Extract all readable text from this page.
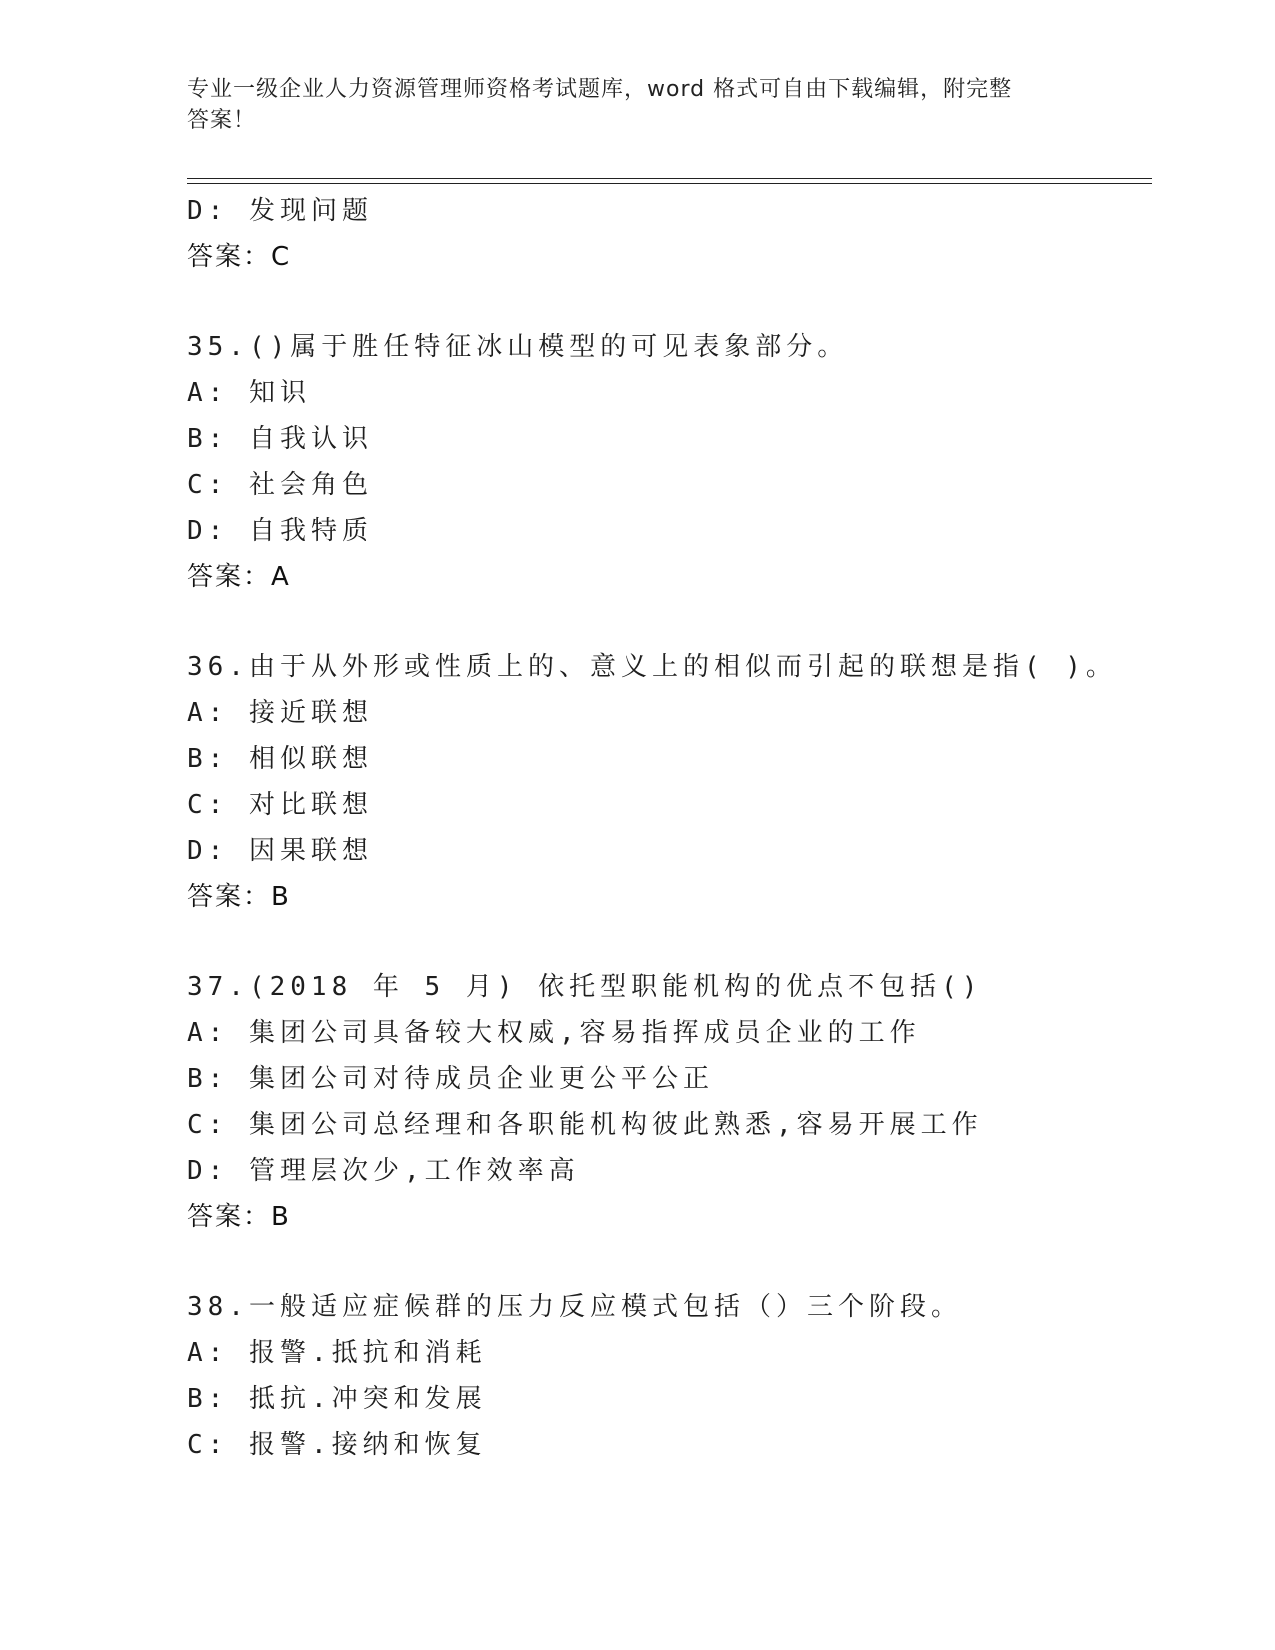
专业一级企业人力资源管理师资格考试题库，word 格式可自由下载编辑，附完整
答案！
D: 发现问题
答案：C
35.()属于胜任特征冰山模型的可见表象部分。
A: 知识
B: 自我认识
C: 社会角色
D: 自我特质
答案：A
36.由于从外形或性质上的、意义上的相似而引起的联想是指( )。
A: 接近联想
B: 相似联想
C: 对比联想
D: 因果联想
答案：B
37.(2018 年 5 月) 依托型职能机构的优点不包括()
A: 集团公司具备较大权威,容易指挥成员企业的工作
B: 集团公司对待成员企业更公平公正
C: 集团公司总经理和各职能机构彼此熟悉,容易开展工作
D: 管理层次少,工作效率高
答案：B
38.一般适应症候群的压力反应模式包括（）三个阶段。
A: 报警.抵抗和消耗
B: 抵抗.冲突和发展
C: 报警.接纳和恢复
